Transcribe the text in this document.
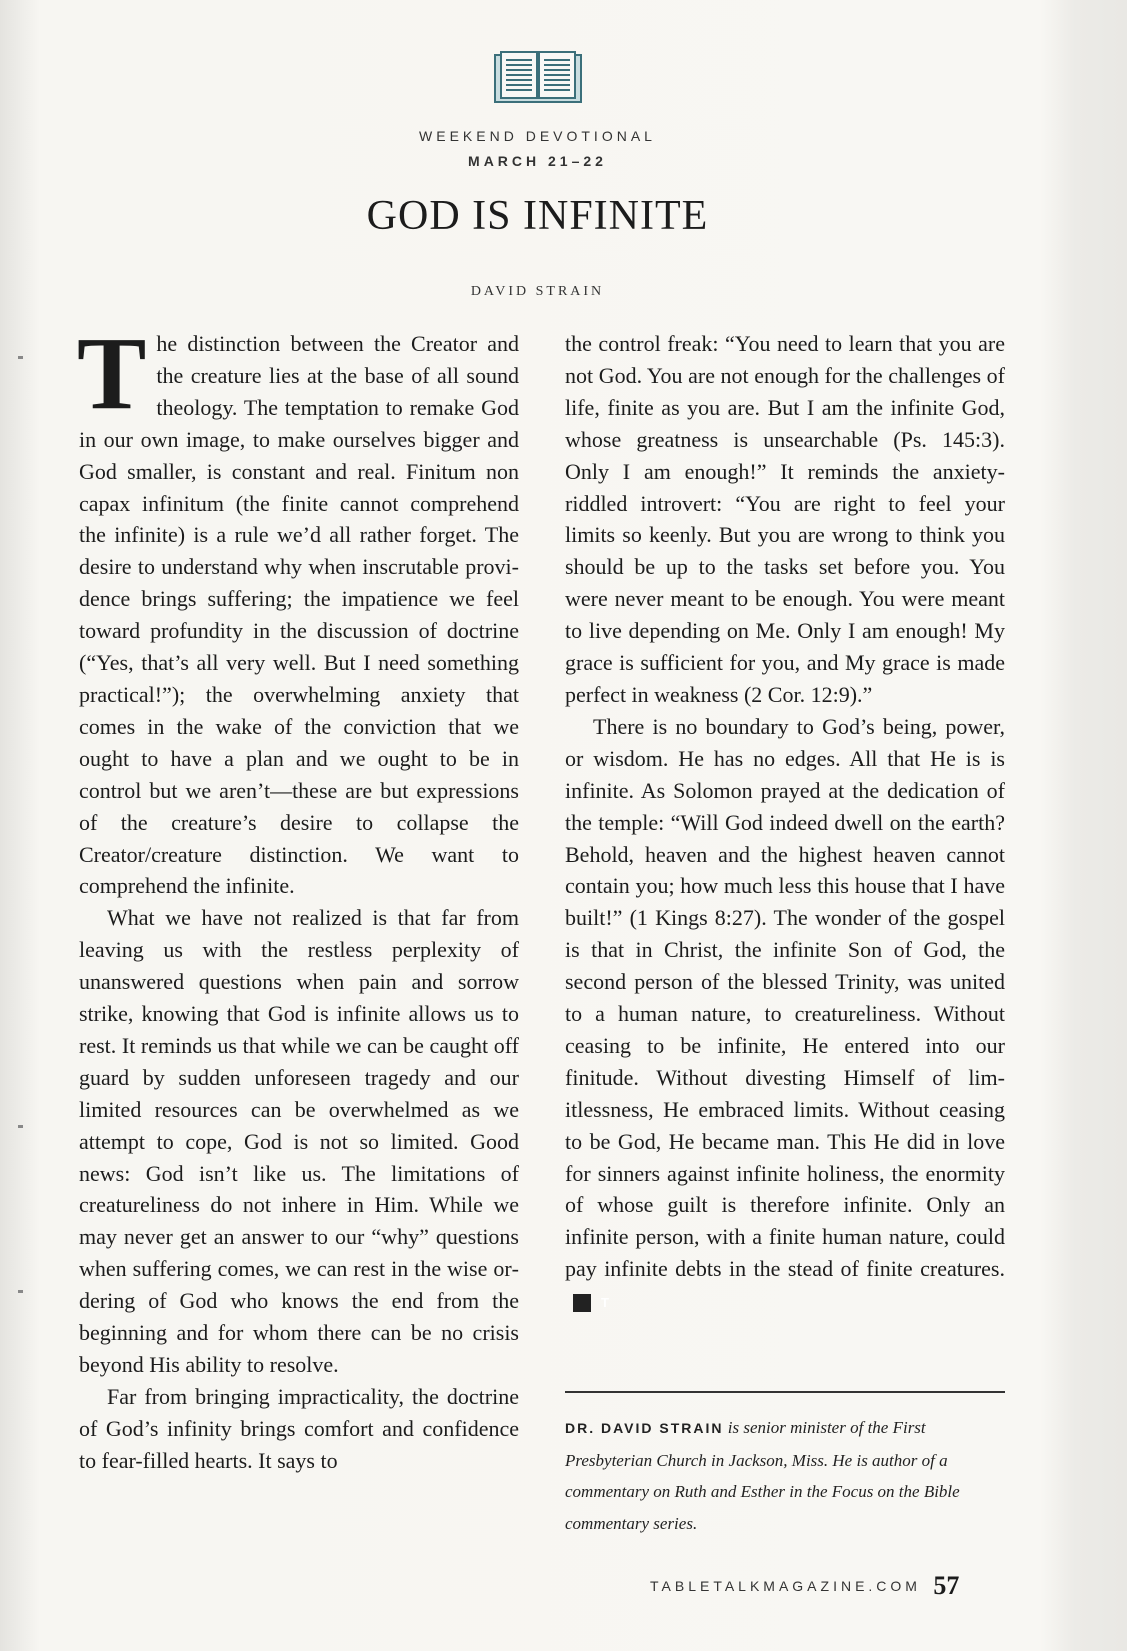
WEEKEND DEVOTIONAL
MARCH 21–22
GOD IS INFINITE
DAVID STRAIN

The distinction between the Creator and the creature lies at the base of all sound theology. The temptation to remake God in our own image, to make ourselves bigger and God smaller, is constant and real. Finitum non capax infinitum (the finite cannot comprehend the infinite) is a rule we’d all rather forget. The desire to understand why when inscrutable providence brings suffering; the impatience we feel toward profundity in the discussion of doctrine (“Yes, that’s all very well. But I need something practical!”); the overwhelming anxiety that comes in the wake of the conviction that we ought to have a plan and we ought to be in control but we aren’t—these are but expressions of the creature’s desire to collapse the Creator/creature distinction. We want to comprehend the infinite.

What we have not realized is that far from leaving us with the restless perplexity of unanswered questions when pain and sorrow strike, knowing that God is infinite allows us to rest. It reminds us that while we can be caught off guard by sudden unforeseen tragedy and our limited resources can be overwhelmed as we attempt to cope, God is not so limited. Good news: God isn’t like us. The limitations of creatureliness do not inhere in Him. While we may never get an answer to our “why” questions when suffering comes, we can rest in the wise ordering of God who knows the end from the beginning and for whom there can be no crisis beyond His ability to resolve.

Far from bringing impracticality, the doctrine of God’s infinity brings comfort and confidence to fear-filled hearts. It says to

the control freak: “You need to learn that you are not God. You are not enough for the challenges of life, finite as you are. But I am the infinite God, whose greatness is unsearchable (Ps. 145:3). Only I am enough!” It reminds the anxiety-riddled introvert: “You are right to feel your limits so keenly. But you are wrong to think you should be up to the tasks set before you. You were never meant to be enough. You were meant to live depending on Me. Only I am enough! My grace is sufficient for you, and My grace is made perfect in weakness (2 Cor. 12:9).”

There is no boundary to God’s being, power, or wisdom. He has no edges. All that He is is infinite. As Solomon prayed at the dedication of the temple: “Will God indeed dwell on the earth? Behold, heaven and the highest heaven cannot contain you; how much less this house that I have built!” (1 Kings 8:27). The wonder of the gospel is that in Christ, the infinite Son of God, the second person of the blessed Trinity, was united to a human nature, to creatureliness. Without ceasing to be infinite, He entered into our finitude. Without divesting Himself of limitlessness, He embraced limits. Without ceasing to be God, He became man. This He did in love for sinners against infinite holiness, the enormity of whose guilt is therefore infinite. Only an infinite person, with a finite human nature, could pay infinite debts in the stead of finite creatures.T

DR. DAVID STRAIN is senior minister of the First Presbyterian Church in Jackson, Miss. He is author of a commentary on Ruth and Esther in the Focus on the Bible commentary series.
TABLETALKMAGAZINE.COM 57
